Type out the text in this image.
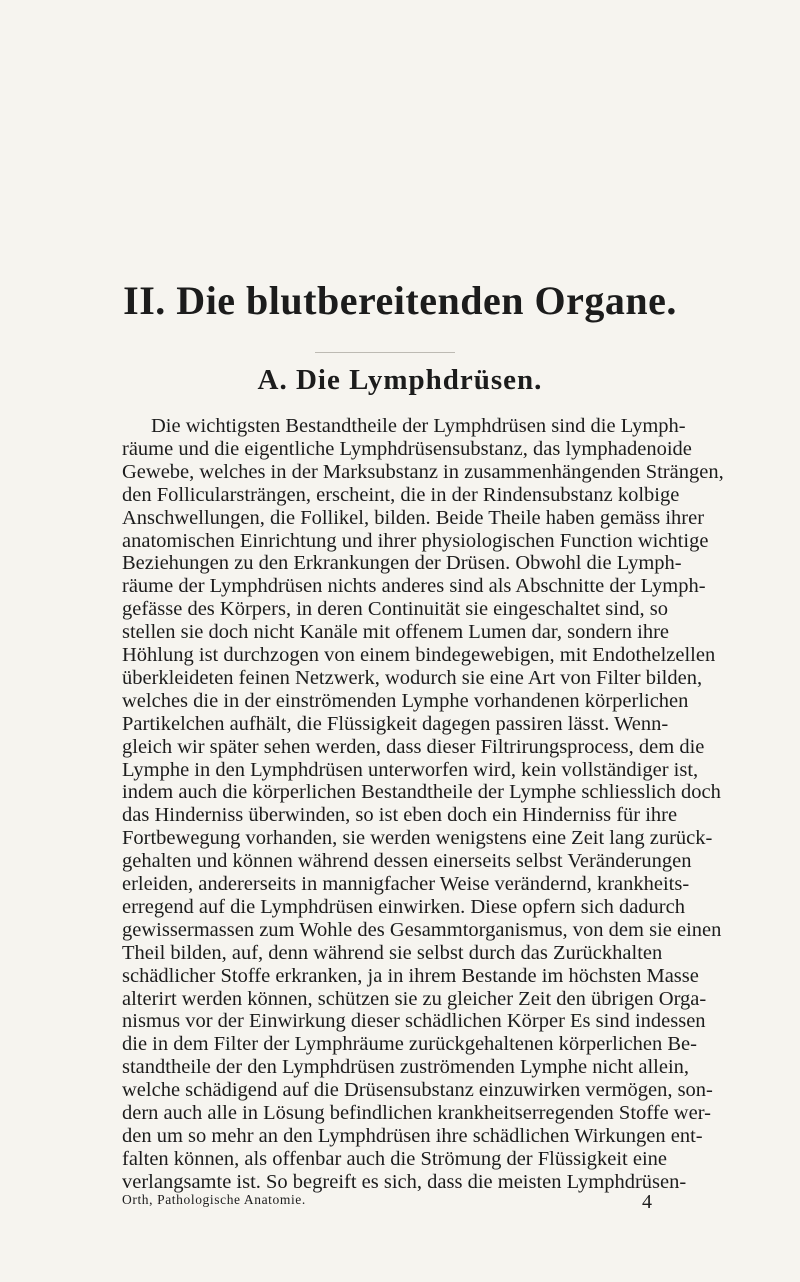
II. Die blutbereitenden Organe.
A. Die Lymphdrüsen.
Die wichtigsten Bestandtheile der Lymphdrüsen sind die Lymph-
räume und die eigentliche Lymphdrüsensubstanz, das lymphadenoide
Gewebe, welches in der Marksubstanz in zusammenhängenden Strängen,
den Follicularsträngen, erscheint, die in der Rindensubstanz kolbige
Anschwellungen, die Follikel, bilden. Beide Theile haben gemäss ihrer
anatomischen Einrichtung und ihrer physiologischen Function wichtige
Beziehungen zu den Erkrankungen der Drüsen. Obwohl die Lymph-
räume der Lymphdrüsen nichts anderes sind als Abschnitte der Lymph-
gefässe des Körpers, in deren Continuität sie eingeschaltet sind, so
stellen sie doch nicht Kanäle mit offenem Lumen dar, sondern ihre
Höhlung ist durchzogen von einem bindegewebigen, mit Endothelzellen
überkleideten feinen Netzwerk, wodurch sie eine Art von Filter bilden,
welches die in der einströmenden Lymphe vorhandenen körperlichen
Partikelchen aufhält, die Flüssigkeit dagegen passiren lässt. Wenn-
gleich wir später sehen werden, dass dieser Filtrirungsprocess, dem die
Lymphe in den Lymphdrüsen unterworfen wird, kein vollständiger ist,
indem auch die körperlichen Bestandtheile der Lymphe schliesslich doch
das Hinderniss überwinden, so ist eben doch ein Hinderniss für ihre
Fortbewegung vorhanden, sie werden wenigstens eine Zeit lang zurück-
gehalten und können während dessen einerseits selbst Veränderungen
erleiden, andererseits in mannigfacher Weise verändernd, krankheits-
erregend auf die Lymphdrüsen einwirken. Diese opfern sich dadurch
gewissermassen zum Wohle des Gesammtorganismus, von dem sie einen
Theil bilden, auf, denn während sie selbst durch das Zurückhalten
schädlicher Stoffe erkranken, ja in ihrem Bestande im höchsten Masse
alterirt werden können, schützen sie zu gleicher Zeit den übrigen Orga-
nismus vor der Einwirkung dieser schädlichen Körper Es sind indessen
die in dem Filter der Lymphräume zurückgehaltenen körperlichen Be-
standtheile der den Lymphdrüsen zuströmenden Lymphe nicht allein,
welche schädigend auf die Drüsensubstanz einzuwirken vermögen, son-
dern auch alle in Lösung befindlichen krankheitserregenden Stoffe wer-
den um so mehr an den Lymphdrüsen ihre schädlichen Wirkungen ent-
falten können, als offenbar auch die Strömung der Flüssigkeit eine
verlangsamte ist. So begreift es sich, dass die meisten Lymphdrüsen-
Orth, Pathologische Anatomie.	4
